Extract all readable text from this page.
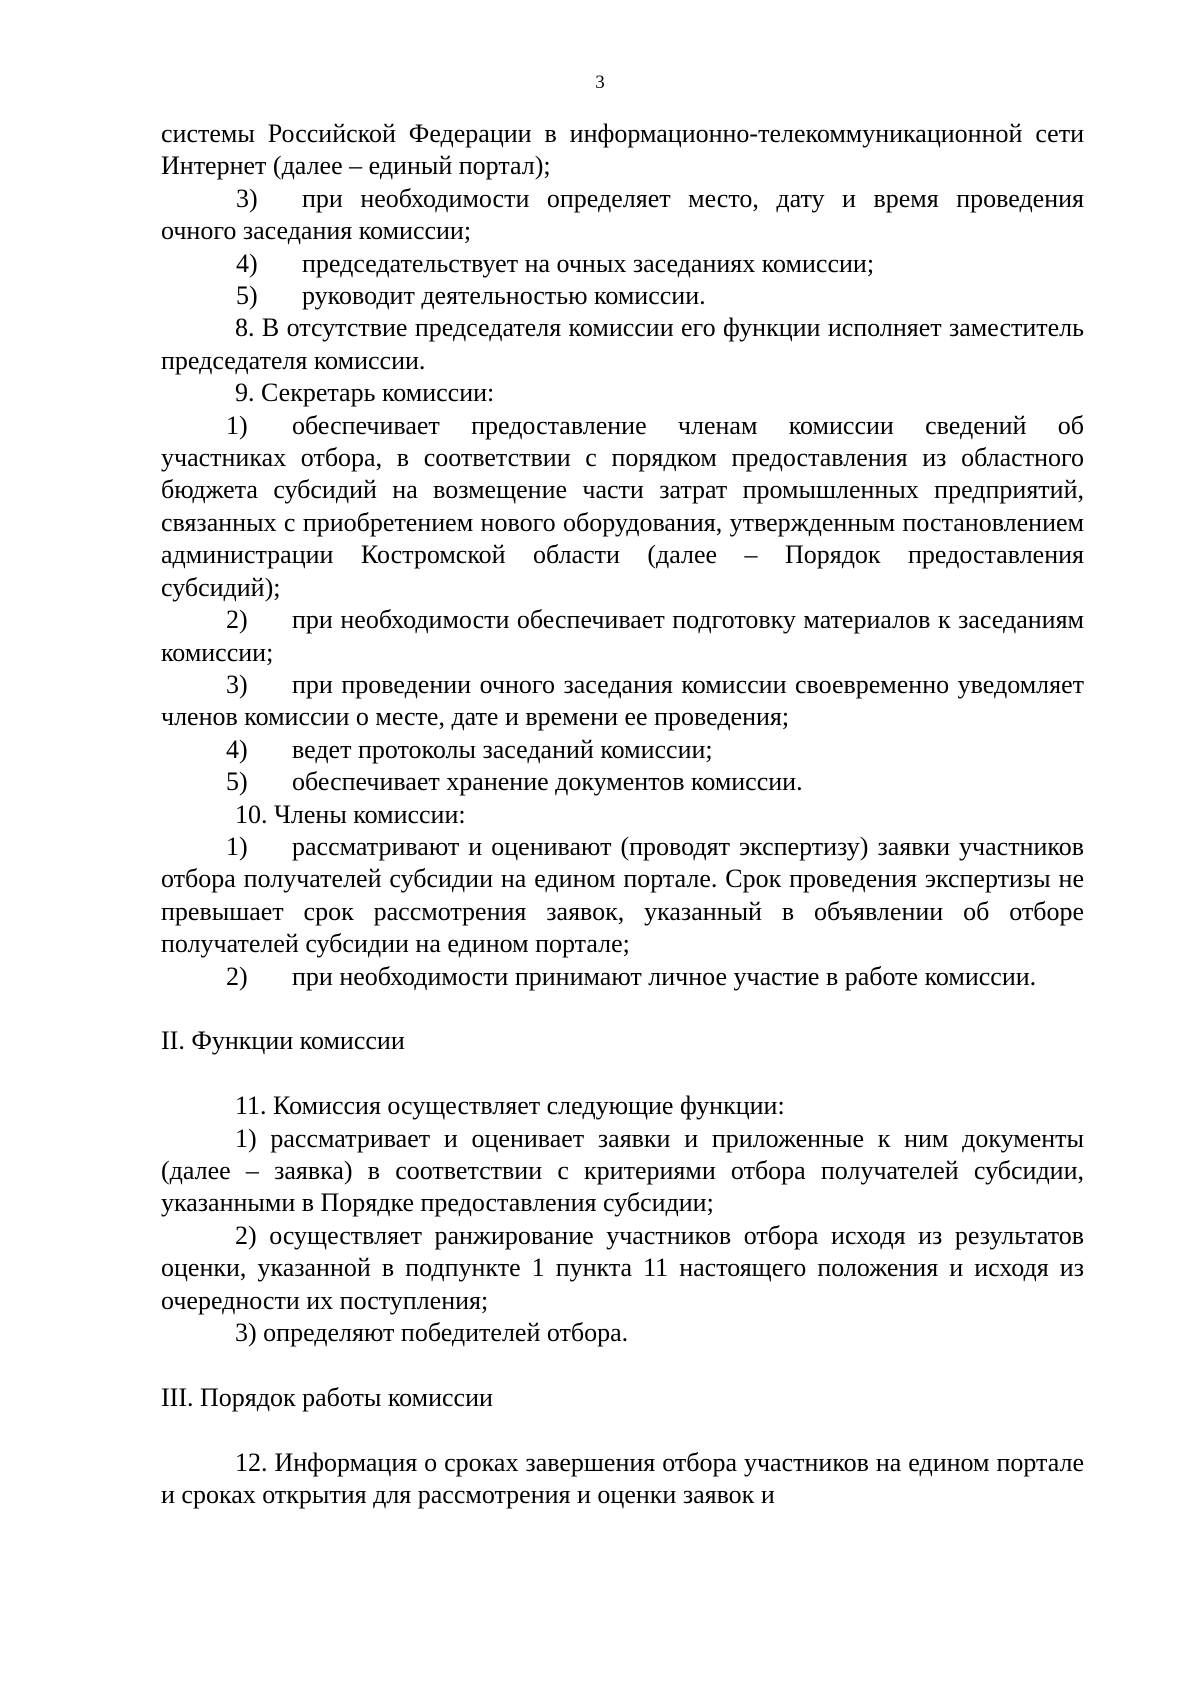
3

системы Российской Федерации в информационно-телекоммуникационной сети Интернет (далее – единый портал);

3) при необходимости определяет место, дату и время проведения очного заседания комиссии;

4) председательствует на очных заседаниях комиссии;

5) руководит деятельностью комиссии.

8. В отсутствие председателя комиссии его функции исполняет заместитель председателя комиссии.

9. Секретарь комиссии:

1) обеспечивает предоставление членам комиссии сведений об участниках отбора, в соответствии с порядком предоставления из областного бюджета субсидий на возмещение части затрат промышленных предприятий, связанных с приобретением нового оборудования, утвержденным постановлением администрации Костромской области (далее – Порядок предоставления субсидий);

2) при необходимости обеспечивает подготовку материалов к заседаниям комиссии;

3) при проведении очного заседания комиссии своевременно уведомляет членов комиссии о месте, дате и времени ее проведения;

4) ведет протоколы заседаний комиссии;

5) обеспечивает хранение документов комиссии.

10. Члены комиссии:

1) рассматривают и оценивают (проводят экспертизу) заявки участников отбора получателей субсидии на едином портале. Срок проведения экспертизы не превышает срок рассмотрения заявок, указанный в объявлении об отборе получателей субсидии на едином портале;

2) при необходимости принимают личное участие в работе комиссии.

II. Функции комиссии

11. Комиссия осуществляет следующие функции:

1) рассматривает и оценивает заявки и приложенные к ним документы (далее – заявка) в соответствии с критериями отбора получателей субсидии, указанными в Порядке предоставления субсидии;

2) осуществляет ранжирование участников отбора исходя из результатов оценки, указанной в подпункте 1 пункта 11 настоящего положения и исходя из очередности их поступления;

3) определяют победителей отбора.

III. Порядок работы комиссии

12. Информация о сроках завершения отбора участников на едином портале и сроках открытия для рассмотрения и оценки заявок и
